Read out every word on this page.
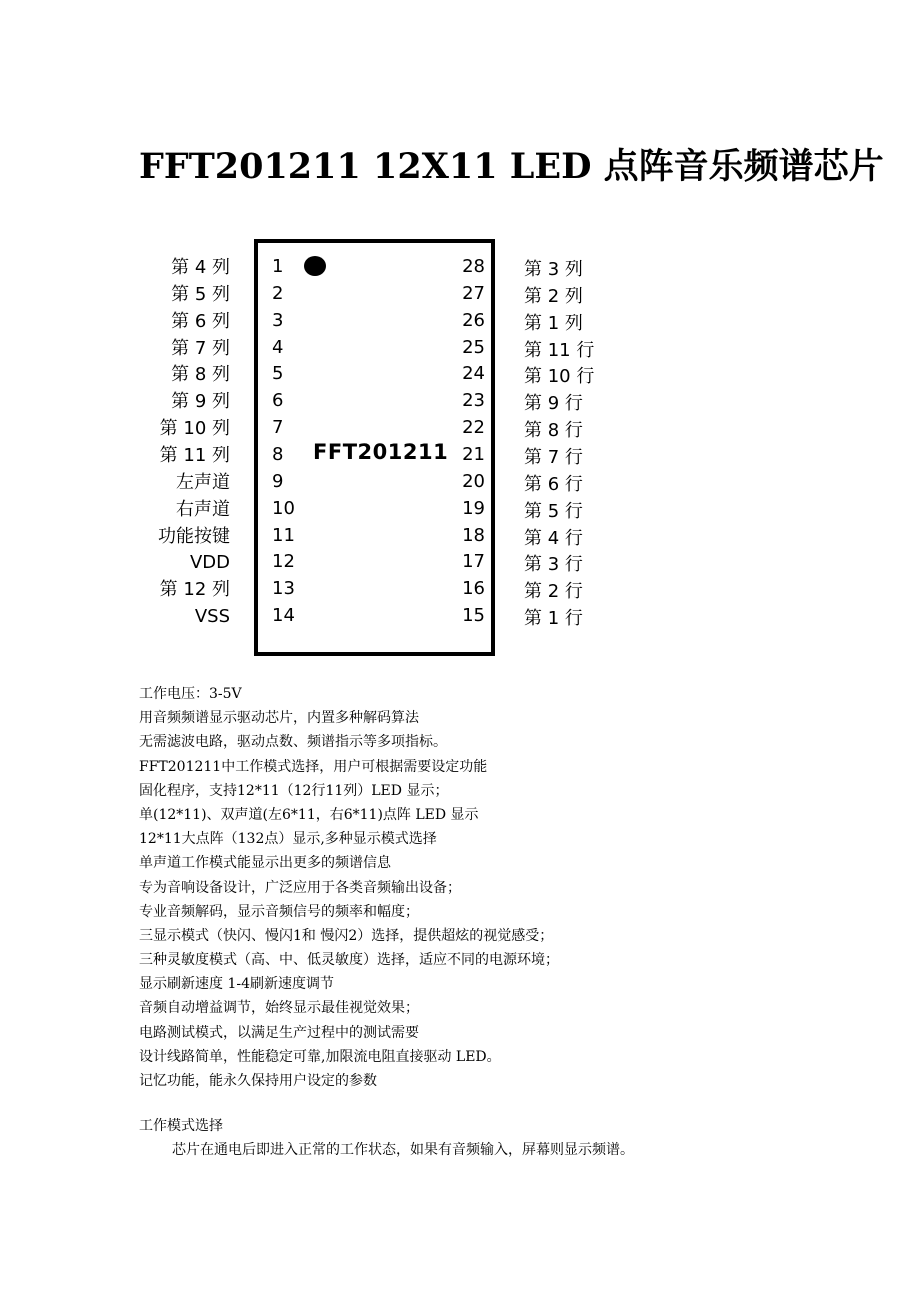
FFT201211 12X11 LED 点阵音乐频谱芯片
FFT201211
1
第 4 列
2
第 5 列
3
第 6 列
4
第 7 列
5
第 8 列
6
第 9 列
7
第 10 列
8
第 11 列
9
左声道
10
右声道
11
功能按键
12
VDD
13
第 12 列
14
VSS
28 第 3 列
27 第 2 列
26 第 1 列
25 第 11 行
24 第 10 行
23 第 9 行
22 第 8 行
21 第 7 行
20 第 6 行
19 第 5 行
18 第 4 行
17 第 3 行
16 第 2 行
15 第 1 行
工作电压：3-5V
用音频频谱显示驱动芯片，内置多种解码算法
无需滤波电路，驱动点数、频谱指示等多项指标。
FFT201211中工作模式选择，用户可根据需要设定功能
固化程序，支持12*11（12行11列）LED 显示；
单(12*11)、双声道(左6*11，右6*11)点阵 LED 显示
12*11大点阵（132点）显示,多种显示模式选择
单声道工作模式能显示出更多的频谱信息
专为音响设备设计，广泛应用于各类音频输出设备；
专业音频解码，显示音频信号的频率和幅度；
三显示模式（快闪、慢闪1和 慢闪2）选择，提供超炫的视觉感受；
三种灵敏度模式（高、中、低灵敏度）选择，适应不同的电源环境；
显示刷新速度 1-4刷新速度调节
音频自动增益调节，始终显示最佳视觉效果；
电路测试模式，以满足生产过程中的测试需要
设计线路简单，性能稳定可靠,加限流电阻直接驱动 LED。
记忆功能，能永久保持用户设定的参数
工作模式选择
芯片在通电后即进入正常的工作状态，如果有音频输入，屏幕则显示频谱。
